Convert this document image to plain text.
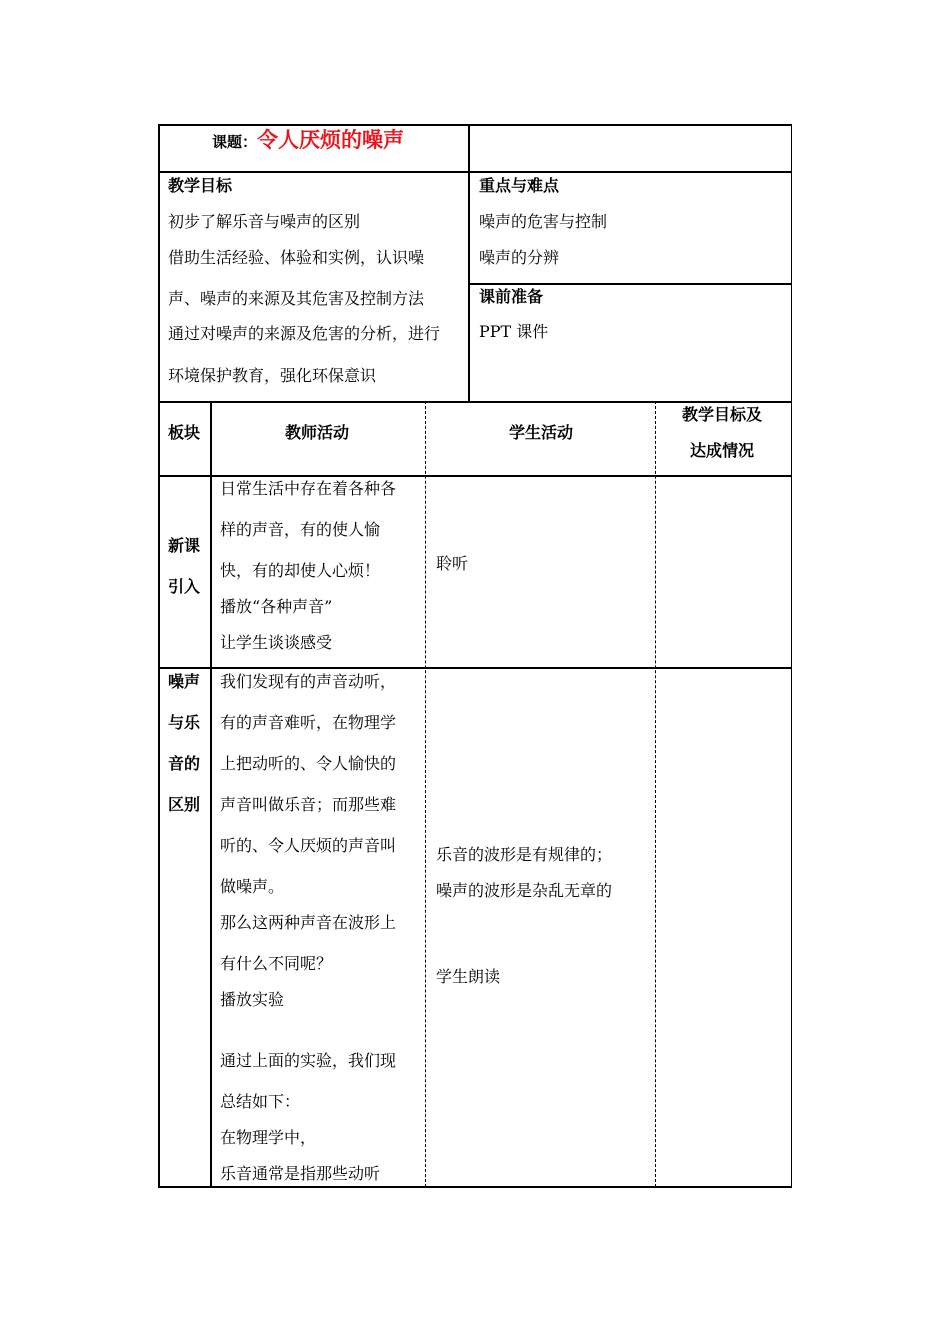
课题：令人厌烦的噪声
教学目标
初步了解乐音与噪声的区别
借助生活经验、体验和实例，认识噪
声、噪声的来源及其危害及控制方法
通过对噪声的来源及危害的分析，进行
环境保护教育，强化环保意识
重点与难点
噪声的危害与控制
噪声的分辨
课前准备
PPT 课件
板块	教师活动	学生活动
教学目标及
达成情况
新课
引入
日常生活中存在着各种各
样的声音，有的使人愉
快，有的却使人心烦！
播放“各种声音”
让学生谈谈感受
聆听
噪声
与乐
音的
区别
我们发现有的声音动听，
有的声音难听，在物理学
上把动听的、令人愉快的
声音叫做乐音；而那些难
听的、令人厌烦的声音叫
做噪声。
那么这两种声音在波形上
有什么不同呢？
播放实验
通过上面的实验，我们现
总结如下：
在物理学中，
乐音通常是指那些动听
乐音的波形是有规律的；
噪声的波形是杂乱无章的
学生朗读
